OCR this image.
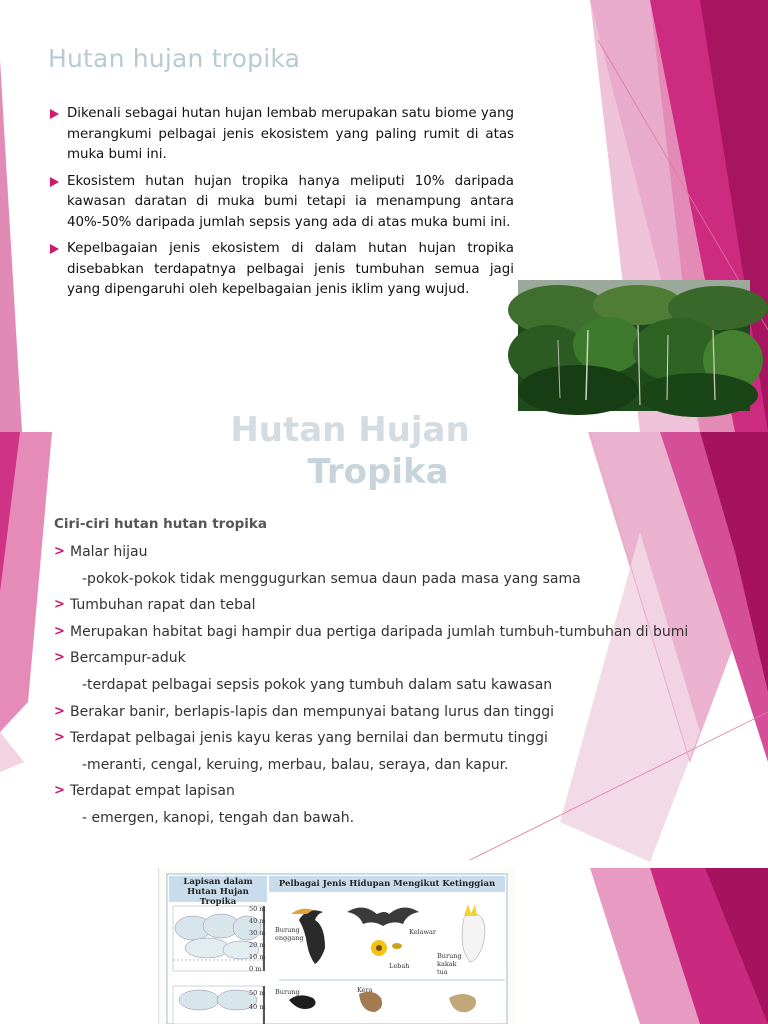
Hutan hujan tropika
Dikenali sebagai hutan hujan lembab merupakan satu biome yang merangkumi pelbagai jenis ekosistem yang paling rumit di atas muka bumi ini.
Ekosistem hutan hujan tropika hanya meliputi 10% daripada kawasan daratan di muka bumi tetapi ia menampung antara 40%-50% daripada jumlah sepsis yang ada di atas muka bumi ini.
Kepelbagaian jenis ekosistem di dalam hutan hujan tropika disebabkan terdapatnya pelbagai jenis tumbuhan semua jagi yang dipengaruhi oleh kepelbagaian jenis iklim yang wujud.
Hutan Hujan
Tropika
Ciri-ciri hutan hutan tropika
> Malar hijau
-pokok-pokok tidak menggugurkan semua daun pada masa yang sama
> Tumbuhan rapat dan tebal
> Merupakan habitat bagi hampir dua pertiga daripada jumlah tumbuh-tumbuhan di bumi
> Bercampur-aduk
-terdapat pelbagai sepsis pokok yang tumbuh dalam satu kawasan
> Berakar banir, berlapis-lapis dan mempunyai batang lurus dan tinggi
> Terdapat pelbagai jenis kayu keras yang bernilai dan bermutu tinggi
-meranti, cengal, keruing, merbau, balau, seraya, dan kapur.
> Terdapat empat lapisan
- emergen, kanopi, tengah dan bawah.
Lapisan dalam Hutan Hujan Tropika
Pelbagai Jenis Hidupan Mengikut Ketinggian
50 m
40 m
30 m
20 m
10 m
0 m
50 m
40 m
Burung enggang
Kelawar
Burung kakak tua
Lebah
Burung	Kera
